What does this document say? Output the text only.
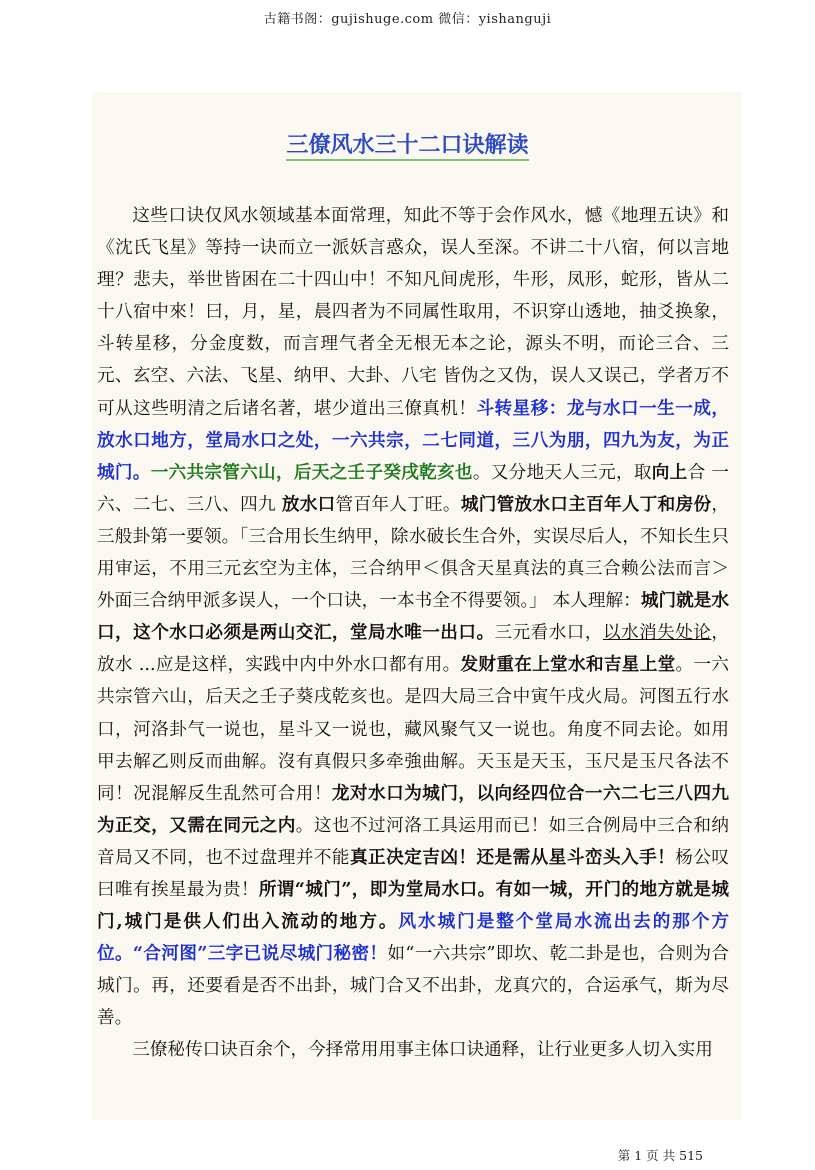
古籍书阁：gujishuge.com 微信：yishanguji
三僚风水三十二口诀解读

这些口诀仅风水领域基本面常理，知此不等于会作风水，憾《地理五诀》和《沈氏飞星》等持一诀而立一派妖言惑众，误人至深。不讲二十八宿，何以言地理？悲夫，举世皆困在二十四山中！不知凡间虎形，牛形，凤形，蛇形，皆从二十八宿中來！曰，月，星，晨四者为不同属性取用，不识穿山透地，抽爻换象，斗转星移，分金度数，而言理气者全无根无本之论，源头不明，而论三合、三元、玄空、六法、飞星、纳甲、大卦、八宅 皆伪之又伪，误人又误己，学者万不可从这些明清之后诸名著，堪少道出三僚真机！斗转星移：龙与水口一生一成，放水口地方，堂局水口之处，一六共宗，二七同道，三八为朋，四九为友，为正城门。一六共宗管六山，后天之壬子癸戌乾亥也。又分地天人三元，取向上合 一 六、二七、三八、四九 放水口管百年人丁旺。城门管放水口主百年人丁和房份，三般卦第一要领。「三合用长生纳甲，除水破长生合外，实误尽后人，不知长生只用审运，不用三元玄空为主体，三合纳甲＜俱含天星真法的真三合赖公法而言＞外面三合纳甲派多误人，一个口诀，一本书全不得要领。」 本人理解：城门就是水口，这个水口必须是两山交汇，堂局水唯一出口。三元看水口，以水消失处论，放水 ...应是这样，实践中内中外水口都有用。发财重在上堂水和吉星上堂。一六共宗管六山，后天之壬子葵戌乾亥也。是四大局三合中寅午戌火局。河图五行水口，河洛卦气一说也，星斗又一说也，藏风聚气又一说也。角度不同去论。如用甲去解乙则反而曲解。沒有真假只多牵強曲解。天玉是天玉，玉尺是玉尺各法不同！况混解反生乱然可合用！龙对水口为城门，以向经四位合一六二七三八四九为正交，又需在同元之内。这也不过河洛工具运用而已！如三合例局中三合和纳音局又不同，也不过盘理并不能真正决定吉凶！还是需从星斗峦头入手！杨公叹曰唯有挨星最为贵！所谓“城门”，即为堂局水口。有如一城，开门的地方就是城门,城门是供人们出入流动的地方。风水城门是整个堂局水流出去的那个方位。“合河图”三字已说尽城门秘密！如“一六共宗”即坎、乾二卦是也，合则为合城门。再，还要看是否不出卦，城门合又不出卦，龙真穴的，合运承气，斯为尽善。

三僚秘传口诀百余个，今择常用用事主体口诀通释，让行业更多人切入实用

第 1 页 共 515
